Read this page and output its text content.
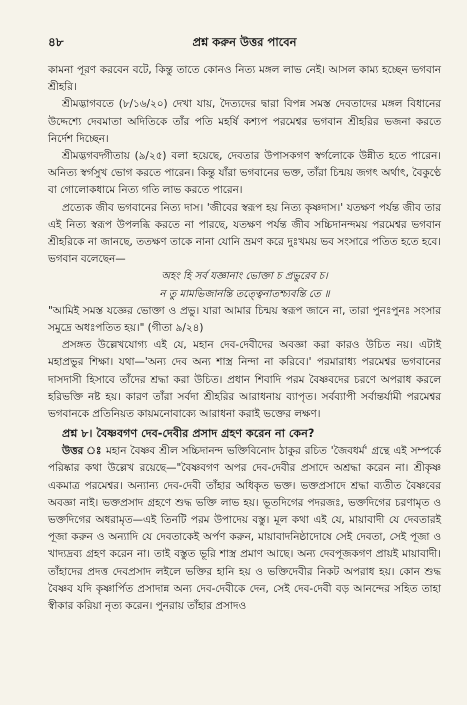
৪৮	প্রশ্ন করুন উত্তর পাবেন

কামনা পূরণ করবেন বটে, কিন্তু তাতে কোনও নিত্য মঙ্গল লাভ নেই। আসল কাম্য হচ্ছেন ভগবান শ্রীহরি।

শ্রীমদ্ভাগবতে (৮/১৬/২০) দেখা যায়, দৈত্যদের দ্বারা বিপন্ন সমস্ত দেবতাদের মঙ্গল বিধানের উদ্দেশ্যে দেবমাতা অদিতিকে তাঁর পতি মহর্ষি কশ্যপ পরমেশ্বর ভগবান শ্রীহরির ভজনা করতে নির্দেশ দিচ্ছেন।

শ্রীমদ্ভগবদ্গীতায় (৯/২৫) বলা হয়েছে, দেবতার উপাসকগণ স্বর্গলোকে উন্নীত হতে পারেন। অনিত্য স্বর্গসুখ ভোগ করতে পারেন। কিন্তু যাঁরা ভগবানের ভক্ত, তাঁরা চিন্ময় জগৎ অর্থাৎ, বৈকুণ্ঠে বা গোলোকধামে নিত্য গতি লাভ করতে পারেন।

প্রত্যেক জীব ভগবানের নিত্য দাস। 'জীবের স্বরূপ হয় নিত্য কৃষ্ণদাস।' যতক্ষণ পর্যন্ত জীব তার এই নিত্য স্বরূপ উপলব্ধি করতে না পারছে, যতক্ষণ পর্যন্ত জীব সচ্চিদানন্দময় পরমেশ্বর ভগবান শ্রীহরিকে না জানছে, ততক্ষণ তাকে নানা যোনি ভ্রমণ করে দুঃখময় ভব সংসারে পতিত হতে হবে। ভগবান বলেছেন—

অহং হি সর্ব যজ্ঞানাং ভোক্তা চ প্রভুরেব চ।

ন তু মামভিজানন্তি তত্ত্বেনাতশ্চ্যবন্তি তে ॥

"আমিই সমস্ত যজ্ঞের ভোক্তা ও প্রভু। যারা আমার চিন্ময় স্বরূপ জানে না, তারা পুনঃপুনঃ সংসার সমুদ্রে অধঃপতিত হয়।" (গীতা ৯/২৪)

প্রসঙ্গত উল্লেখযোগ্য এই যে, মহান দেব-দেবীদের অবজ্ঞা করা কারও উচিত নয়। এটাই মহাপ্রভুর শিক্ষা। যথা—'অন্য দেব অন্য শাস্ত্র নিন্দা না করিবে।' পরমারাধ্য পরমেশ্বর ভগবানের দাসদাসী হিসাবে তাঁদের শ্রদ্ধা করা উচিত। প্রধান শিবাদি পরম বৈষ্ণবদের চরণে অপরাধ করলে হরিভক্তি নষ্ট হয়। কারণ তাঁরা সর্বদা শ্রীহরির আরাধনায় ব্যাপৃত। সর্বব্যাপী সর্বান্তর্যামী পরমেশ্বর ভগবানকে প্রতিনিয়ত কায়মনোবাক্যে আরাধনা করাই ভক্তের লক্ষণ।

প্রশ্ন ৮। বৈষ্ণবগণ দেব-দেবীর প্রসাদ গ্রহণ করেন না কেন?

উত্তর ঃ মহান বৈষ্ণব শ্রীল সচ্চিদানন্দ ভক্তিবিনোদ ঠাকুর রচিত 'জৈবধর্ম' গ্রন্থে এই সম্পর্কে পরিষ্কার কথা উল্লেখ রয়েছে—"বৈষ্ণবগণ অপর দেব-দেবীর প্রসাদে অশ্রদ্ধা করেন না। শ্রীকৃষ্ণ একমাত্র পরমেশ্বর। অন্যান্য দেব-দেবী তাঁহার অধিকৃত ভক্ত। ভক্তপ্রসাদে শ্রদ্ধা ব্যতীত বৈষ্ণবের অবজ্ঞা নাই। ভক্তপ্রসাদ গ্রহণে শুদ্ধ ভক্তি লাভ হয়। ভূতদিগের পদরজঃ, ভক্তদিগের চরণামৃত ও ভক্তদিগের অধরামৃত—এই তিনটি পরম উপাদেয় বস্তু। মূল কথা এই যে, মায়াবাদী যে দেবতারই পূজা করুন ও অন্যাদি যে দেবতাকেই অর্পণ করুন, মায়াবাদনিষ্ঠাদোষে সেই দেবতা, সেই পূজা ও খাদ্যদ্রব্য গ্রহণ করেন না। তাই বস্তুত ভূরি শাস্ত্র প্রমাণ আছে। অন্য দেবপূজকগণ প্রায়ই মায়াবাদী। তাঁহাদের প্রদত্ত দেবপ্রসাদ লইলে ভক্তির হানি হয় ও ভক্তিদেবীর নিকট অপরাধ হয়। কোন শুদ্ধ বৈষ্ণব যদি কৃষ্ণার্পিত প্রসাদান্ন অন্য দেব-দেবীকে দেন, সেই দেব-দেবী বড় আনন্দের সহিত তাহা স্বীকার করিয়া নৃত্য করেন। পুনরায় তাঁহার প্রসাদও
